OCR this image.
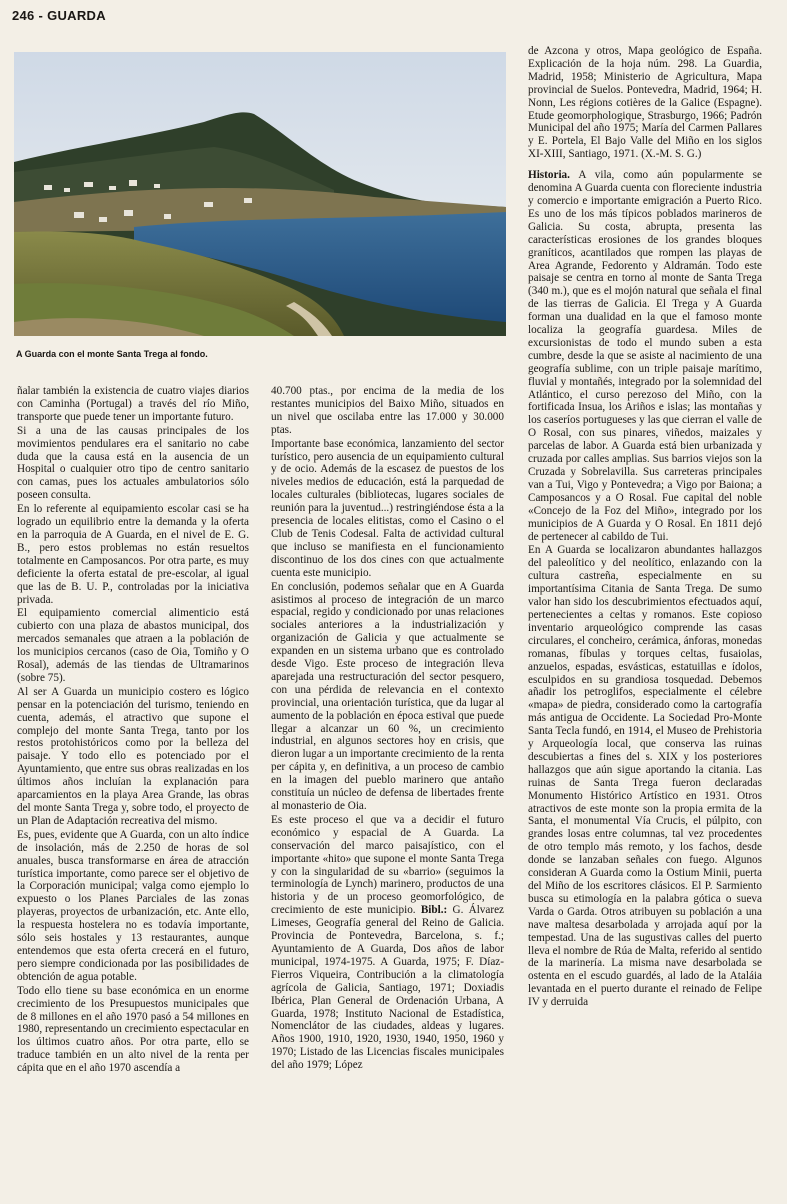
246 - GUARDA
A Guarda con el monte Santa Trega al fondo.

ñalar también la existencia de cuatro viajes diarios con Caminha (Portugal) a través del río Miño, transporte que puede tener un importante futuro.

Si a una de las causas principales de los movimientos pendulares era el sanitario no cabe duda que la causa está en la ausencia de un Hospital o cualquier otro tipo de centro sanitario con camas, pues los actuales ambulatorios sólo poseen consulta.

En lo referente al equipamiento escolar casi se ha logrado un equilibrio entre la demanda y la oferta en la parroquia de A Guarda, en el nivel de E. G. B., pero estos problemas no están resueltos totalmente en Camposancos. Por otra parte, es muy deficiente la oferta estatal de pre-escolar, al igual que las de B. U. P., controladas por la iniciativa privada.

El equipamiento comercial alimenticio está cubierto con una plaza de abastos municipal, dos mercados semanales que atraen a la población de los municipios cercanos (caso de Oia, Tomiño y O Rosal), además de las tiendas de Ultramarinos (sobre 75).

Al ser A Guarda un municipio costero es lógico pensar en la potenciación del turismo, teniendo en cuenta, además, el atractivo que supone el complejo del monte Santa Trega, tanto por los restos protohistóricos como por la belleza del paisaje. Y todo ello es potenciado por el Ayuntamiento, que entre sus obras realizadas en los últimos años incluían la explanación para aparcamientos en la playa Area Grande, las obras del monte Santa Trega y, sobre todo, el proyecto de un Plan de Adaptación recreativa del mismo.

Es, pues, evidente que A Guarda, con un alto índice de insolación, más de 2.250 de horas de sol anuales, busca transformarse en área de atracción turística importante, como parece ser el objetivo de la Corporación municipal; valga como ejemplo lo expuesto o los Planes Parciales de las zonas playeras, proyectos de urbanización, etc. Ante ello, la respuesta hostelera no es todavía importante, sólo seis hostales y 13 restaurantes, aunque entendemos que esta oferta crecerá en el futuro, pero siempre condicionada por las posibilidades de obtención de agua potable.

Todo ello tiene su base económica en un enorme crecimiento de los Presupuestos municipales que de 8 millones en el año 1970 pasó a 54 millones en 1980, representando un crecimiento espectacular en los últimos cuatro años. Por otra parte, ello se traduce también en un alto nivel de la renta per cápita que en el año 1970 ascendía a

40.700 ptas., por encima de la media de los restantes municipios del Baixo Miño, situados en un nivel que oscilaba entre las 17.000 y 30.000 ptas.

Importante base económica, lanzamiento del sector turístico, pero ausencia de un equipamiento cultural y de ocio. Además de la escasez de puestos de los niveles medios de educación, está la parquedad de locales culturales (bibliotecas, lugares sociales de reunión para la juventud...) restringiéndose ésta a la presencia de locales elitistas, como el Casino o el Club de Tenis Codesal. Falta de actividad cultural que incluso se manifiesta en el funcionamiento discontinuo de los dos cines con que actualmente cuenta este municipio.

En conclusión, podemos señalar que en A Guarda asistimos al proceso de integración de un marco espacial, regido y condicionado por unas relaciones sociales anteriores a la industrialización y organización de Galicia y que actualmente se expanden en un sistema urbano que es controlado desde Vigo. Este proceso de integración lleva aparejada una restructuración del sector pesquero, con una pérdida de relevancia en el contexto provincial, una orientación turística, que da lugar al aumento de la población en época estival que puede llegar a alcanzar un 60 %, un crecimiento industrial, en algunos sectores hoy en crisis, que dieron lugar a un importante crecimiento de la renta per cápita y, en definitiva, a un proceso de cambio en la imagen del pueblo marinero que antaño constituía un núcleo de defensa de libertades frente al monasterio de Oia.

Es este proceso el que va a decidir el futuro económico y espacial de A Guarda. La conservación del marco paisajístico, con el importante «hito» que supone el monte Santa Trega y con la singularidad de su «barrio» (seguimos la terminología de Lynch) marinero, productos de una historia y de un proceso geomorfológico, de crecimiento de este municipio. Bibl.: G. Álvarez Limeses, Geografía general del Reino de Galicia. Provincia de Pontevedra, Barcelona, s. f.; Ayuntamiento de A Guarda, Dos años de labor municipal, 1974-1975. A Guarda, 1975; F. Díaz-Fierros Viqueira, Contribución a la climatología agrícola de Galicia, Santiago, 1971; Doxiadis Ibérica, Plan General de Ordenación Urbana, A Guarda, 1978; Instituto Nacional de Estadística, Nomenclátor de las ciudades, aldeas y lugares. Años 1900, 1910, 1920, 1930, 1940, 1950, 1960 y 1970; Listado de las Licencias fiscales municipales del año 1979; López

de Azcona y otros, Mapa geológico de España. Explicación de la hoja núm. 298. La Guardia, Madrid, 1958; Ministerio de Agricultura, Mapa provincial de Suelos. Pontevedra, Madrid, 1964; H. Nonn, Les régions cotières de la Galice (Espagne). Etude geomorphologique, Strasburgo, 1966; Padrón Municipal del año 1975; María del Carmen Pallares y E. Portela, El Bajo Valle del Miño en los siglos XI-XIII, Santiago, 1971. (X.-M. S. G.)

Historia. A vila, como aún popularmente se denomina A Guarda cuenta con floreciente industria y comercio e importante emigración a Puerto Rico. Es uno de los más típicos poblados marineros de Galicia. Su costa, abrupta, presenta las características erosiones de los grandes bloques graníticos, acantilados que rompen las playas de Area Agrande, Fedorento y Aldramán. Todo este paisaje se centra en torno al monte de Santa Trega (340 m.), que es el mojón natural que señala el final de las tierras de Galicia. El Trega y A Guarda forman una dualidad en la que el famoso monte localiza la geografía guardesa. Miles de excursionistas de todo el mundo suben a esta cumbre, desde la que se asiste al nacimiento de una geografía sublime, con un triple paisaje marítimo, fluvial y montañés, integrado por la solemnidad del Atlántico, el curso perezoso del Miño, con la fortificada Insua, los Ariños e islas; las montañas y los caseríos portugueses y las que cierran el valle de O Rosal, con sus pinares, viñedos, maizales y parcelas de labor. A Guarda está bien urbanizada y cruzada por calles amplias. Sus barrios viejos son la Cruzada y Sobrelavilla. Sus carreteras principales van a Tui, Vigo y Pontevedra; a Vigo por Baiona; a Camposancos y a O Rosal. Fue capital del noble «Concejo de la Foz del Miño», integrado por los municipios de A Guarda y O Rosal. En 1811 dejó de pertenecer al cabildo de Tui.

En A Guarda se localizaron abundantes hallazgos del paleolítico y del neolítico, enlazando con la cultura castreña, especialmente en su importantísima Citania de Santa Trega. De sumo valor han sido los descubrimientos efectuados aquí, pertenecientes a celtas y romanos. Este copioso inventario arqueológico comprende las casas circulares, el concheiro, cerámica, ánforas, monedas romanas, fíbulas y torques celtas, fusaiolas, anzuelos, espadas, esvásticas, estatuillas e ídolos, esculpidos en su grandiosa tosquedad. Debemos añadir los petroglifos, especialmente el célebre «mapa» de piedra, considerado como la cartografía más antigua de Occidente. La Sociedad Pro-Monte Santa Tecla fundó, en 1914, el Museo de Prehistoria y Arqueología local, que conserva las ruinas descubiertas a fines del s. XIX y los posteriores hallazgos que aún sigue aportando la citania. Las ruinas de Santa Trega fueron declaradas Monumento Histórico Artístico en 1931. Otros atractivos de este monte son la propia ermita de la Santa, el monumental Vía Crucis, el púlpito, con grandes losas entre columnas, tal vez procedentes de otro templo más remoto, y los fachos, desde donde se lanzaban señales con fuego. Algunos consideran A Guarda como la Ostium Minii, puerta del Miño de los escritores clásicos. El P. Sarmiento busca su etimología en la palabra gótica o sueva Varda o Garda. Otros atribuyen su población a una nave maltesa desarbolada y arrojada aquí por la tempestad. Una de las sugustivas calles del puerto lleva el nombre de Rúa de Malta, referido al sentido de la marinería. La misma nave desarbolada se ostenta en el escudo guardés, al lado de la Ataláia levantada en el puerto durante el reinado de Felipe IV y derruida
